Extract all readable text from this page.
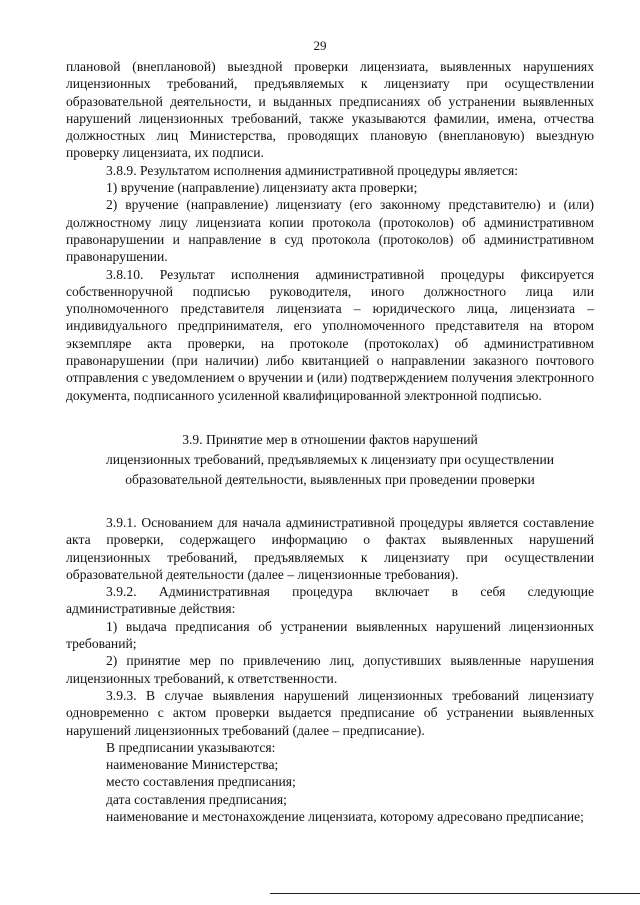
29

плановой (внеплановой) выездной проверки лицензиата, выявленных нарушениях лицензионных требований, предъявляемых к лицензиату при осуществлении образовательной деятельности, и выданных предписаниях об устранении выявленных нарушений лицензионных требований, также указываются фамилии, имена, отчества должностных лиц Министерства, проводящих плановую (внеплановую) выездную проверку лицензиата, их подписи.

3.8.9. Результатом исполнения административной процедуры является:

1) вручение (направление) лицензиату акта проверки;

2) вручение (направление) лицензиату (его законному представителю) и (или) должностному лицу лицензиата копии протокола (протоколов) об административном правонарушении и направление в суд протокола (протоколов) об административном правонарушении.

3.8.10. Результат исполнения административной процедуры фиксируется собственноручной подписью руководителя, иного должностного лица или уполномоченного представителя лицензиата – юридического лица, лицензиата – индивидуального предпринимателя, его уполномоченного представителя на втором экземпляре акта проверки, на протоколе (протоколах) об административном правонарушении (при наличии) либо квитанцией о направлении заказного почтового отправления с уведомлением о вручении и (или) подтверждением получения электронного документа, подписанного усиленной квалифицированной электронной подписью.

3.9. Принятие мер в отношении фактов нарушений
лицензионных требований, предъявляемых к лицензиату при осуществлении
образовательной деятельности, выявленных при проведении проверки

3.9.1. Основанием для начала административной процедуры является составление акта проверки, содержащего информацию о фактах выявленных нарушений лицензионных требований, предъявляемых к лицензиату при осуществлении образовательной деятельности (далее – лицензионные требования).

3.9.2. Административная процедура включает в себя следующие административные действия:

1) выдача предписания об устранении выявленных нарушений лицензионных требований;

2) принятие мер по привлечению лиц, допустивших выявленные нарушения лицензионных требований, к ответственности.

3.9.3. В случае выявления нарушений лицензионных требований лицензиату одновременно с актом проверки выдается предписание об устранении выявленных нарушений лицензионных требований (далее – предписание).

В предписании указываются:

наименование Министерства;

место составления предписания;

дата составления предписания;

наименование и местонахождение лицензиата, которому адресовано предписание;
